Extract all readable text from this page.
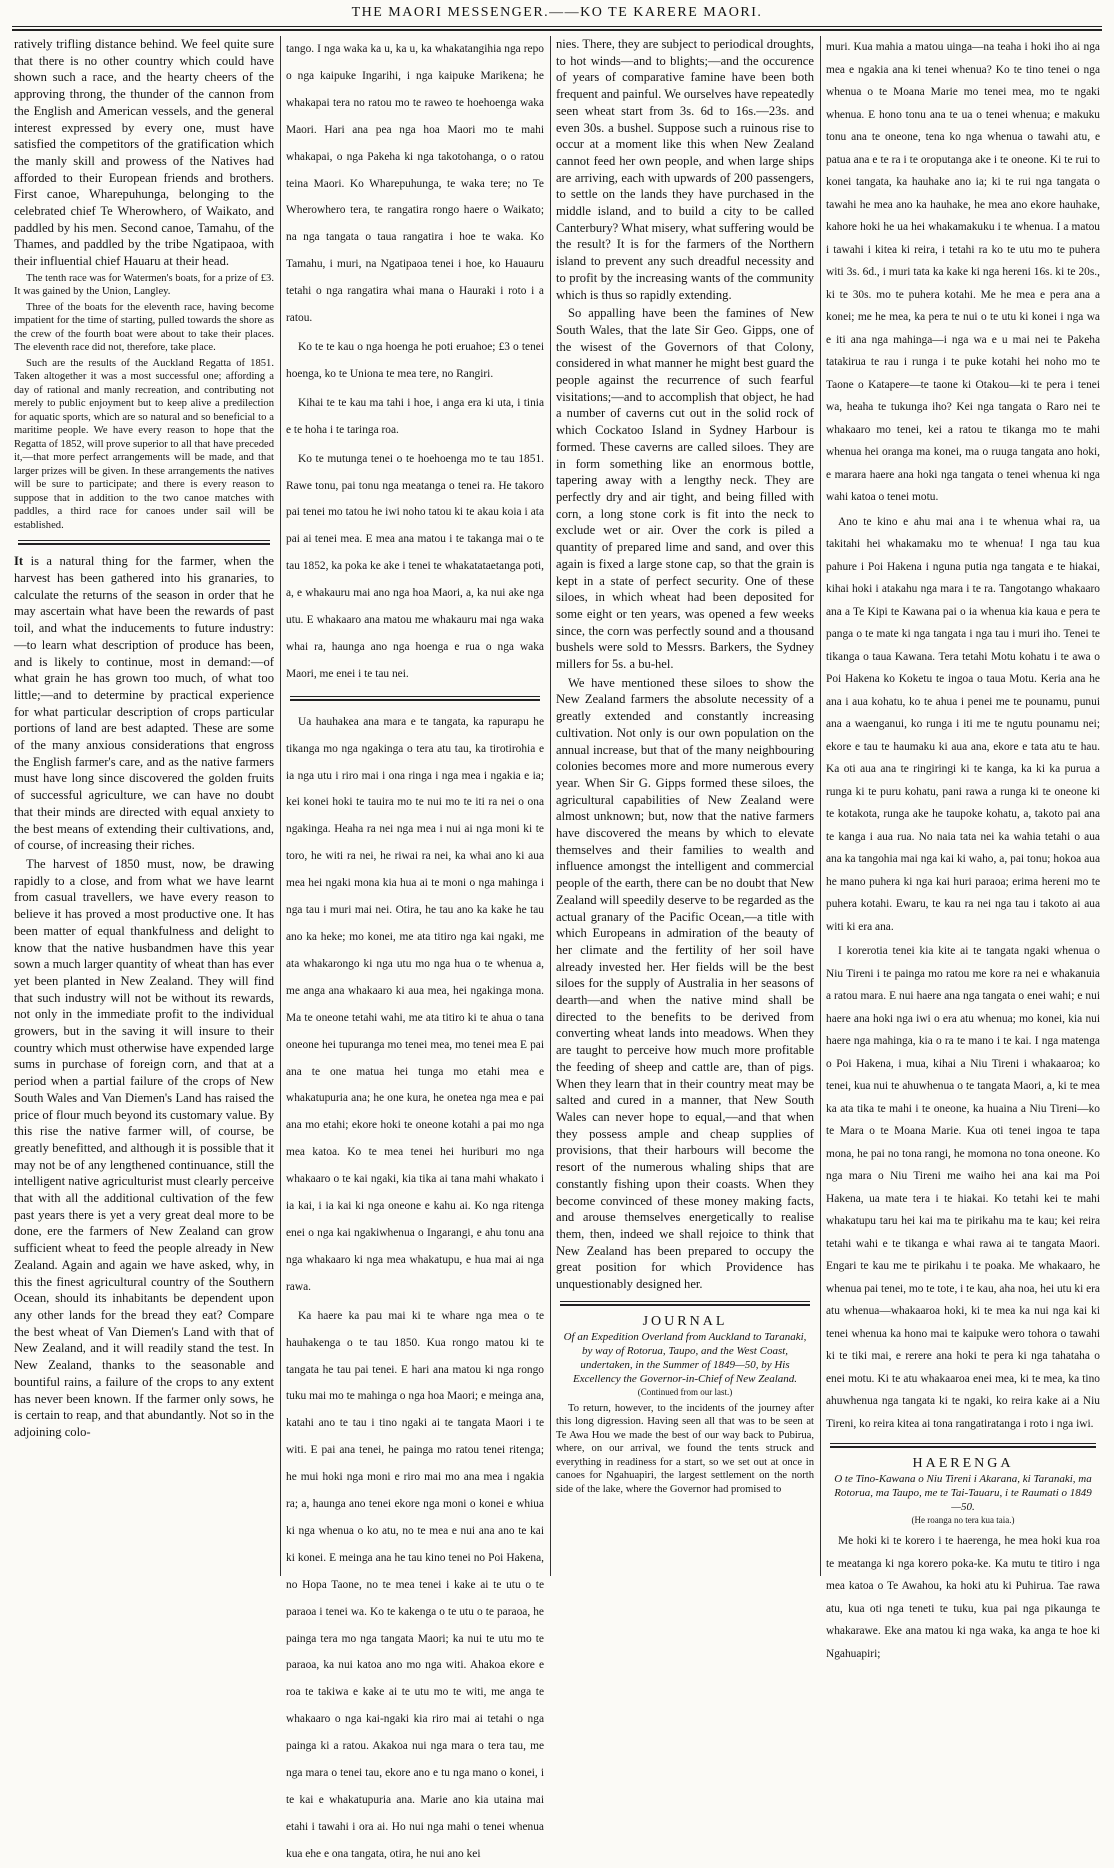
THE MAORI MESSENGER.——KO TE KARERE MAORI.

ratively trifling distance behind. We feel quite sure that there is no other country which could have shown such a race, and the hearty cheers of the approving throng, the thunder of the cannon from the English and American vessels, and the general interest expressed by every one, must have satisfied the competitors of the gratification which the manly skill and prowess of the Natives had afforded to their European friends and brothers. First canoe, Wharepuhunga, belonging to the celebrated chief Te Wherowhero, of Waikato, and paddled by his men. Second canoe, Tamahu, of the Thames, and paddled by the tribe Ngatipaoa, with their influential chief Hauaru at their head.

The tenth race was for Watermen's boats, for a prize of £3. It was gained by the Union, Langley.

Three of the boats for the eleventh race, having become impatient for the time of starting, pulled towards the shore as the crew of the fourth boat were about to take their places. The eleventh race did not, therefore, take place.

Such are the results of the Auckland Regatta of 1851. Taken altogether it was a most successful one; affording a day of rational and manly recreation, and contributing not merely to public enjoyment but to keep alive a predilection for aquatic sports, which are so natural and so beneficial to a maritime people. We have every reason to hope that the Regatta of 1852, will prove superior to all that have preceded it,—that more perfect arrangements will be made, and that larger prizes will be given. In these arrangements the natives will be sure to participate; and there is every reason to suppose that in addition to the two canoe matches with paddles, a third race for canoes under sail will be established.

It is a natural thing for the farmer, when the harvest has been gathered into his granaries, to calculate the returns of the season in order that he may ascertain what have been the rewards of past toil, and what the inducements to future industry:—to learn what description of produce has been, and is likely to continue, most in demand:—of what grain he has grown too much, of what too little;—and to determine by practical experience for what particular description of crops particular portions of land are best adapted. These are some of the many anxious considerations that engross the English farmer's care, and as the native farmers must have long since discovered the golden fruits of successful agriculture, we can have no doubt that their minds are directed with equal anxiety to the best means of extending their cultivations, and, of course, of increasing their riches.

The harvest of 1850 must, now, be drawing rapidly to a close, and from what we have learnt from casual travellers, we have every reason to believe it has proved a most productive one. It has been matter of equal thankfulness and delight to know that the native husbandmen have this year sown a much larger quantity of wheat than has ever yet been planted in New Zealand. They will find that such industry will not be without its rewards, not only in the immediate profit to the individual growers, but in the saving it will insure to their country which must otherwise have expended large sums in purchase of foreign corn, and that at a period when a partial failure of the crops of New South Wales and Van Diemen's Land has raised the price of flour much beyond its customary value. By this rise the native farmer will, of course, be greatly benefitted, and although it is possible that it may not be of any lengthened continuance, still the intelligent native agriculturist must clearly perceive that with all the additional cultivation of the few past years there is yet a very great deal more to be done, ere the farmers of New Zealand can grow sufficient wheat to feed the people already in New Zealand. Again and again we have asked, why, in this the finest agricultural country of the Southern Ocean, should its inhabitants be dependent upon any other lands for the bread they eat? Compare the best wheat of Van Diemen's Land with that of New Zealand, and it will readily stand the test. In New Zealand, thanks to the seasonable and bountiful rains, a failure of the crops to any extent has never been known. If the farmer only sows, he is certain to reap, and that abundantly. Not so in the adjoining colo-

tango. I nga waka ka u, ka u, ka whakatangihia nga repo o nga kaipuke Ingarihi, i nga kaipuke Marikena; he whakapai tera no ratou mo te raweo te hoehoenga waka Maori. Hari ana pea nga hoa Maori mo te mahi whakapai, o nga Pakeha ki nga takotohanga, o o ratou teina Maori. Ko Wharepuhunga, te waka tere; no Te Wherowhero tera, te rangatira rongo haere o Waikato; na nga tangata o taua rangatira i hoe te waka. Ko Tamahu, i muri, na Ngatipaoa tenei i hoe, ko Hauauru tetahi o nga rangatira whai mana o Hauraki i roto i a ratou.

Ko te te kau o nga hoenga he poti eruahoe; £3 o tenei hoenga, ko te Uniona te mea tere, no Rangiri.

Kihai te te kau ma tahi i hoe, i anga era ki uta, i tinia e te hoha i te taringa roa.

Ko te mutunga tenei o te hoehoenga mo te tau 1851. Rawe tonu, pai tonu nga meatanga o tenei ra. He takoro pai tenei mo tatou he iwi noho tatou ki te akau koia i ata pai ai tenei mea. E mea ana matou i te takanga mai o te tau 1852, ka poka ke ake i tenei te whakatataetanga poti, a, e whakauru mai ano nga hoa Maori, a, ka nui ake nga utu. E whakaaro ana matou me whakauru mai nga waka whai ra, haunga ano nga hoenga e rua o nga waka Maori, me enei i te tau nei.

Ua hauhakea ana mara e te tangata, ka rapurapu he tikanga mo nga ngakinga o tera atu tau, ka tirotirohia e ia nga utu i riro mai i ona ringa i nga mea i ngakia e ia; kei konei hoki te tauira mo te nui mo te iti ra nei o ona ngakinga. Heaha ra nei nga mea i nui ai nga moni ki te toro, he witi ra nei, he riwai ra nei, ka whai ano ki aua mea hei ngaki mona kia hua ai te moni o nga mahinga i nga tau i muri mai nei. Otira, he tau ano ka kake he tau ano ka heke; mo konei, me ata titiro nga kai ngaki, me ata whakarongo ki nga utu mo nga hua o te whenua a, me anga ana whakaaro ki aua mea, hei ngakinga mona. Ma te oneone tetahi wahi, me ata titiro ki te ahua o tana oneone hei tupuranga mo tenei mea, mo tenei mea E pai ana te one matua hei tunga mo etahi mea e whakatupuria ana; he one kura, he onetea nga mea e pai ana mo etahi; ekore hoki te oneone kotahi a pai mo nga mea katoa. Ko te mea tenei hei huriburi mo nga whakaaro o te kai ngaki, kia tika ai tana mahi whakato i ia kai, i ia kai ki nga oneone e kahu ai. Ko nga ritenga enei o nga kai ngakiwhenua o Ingarangi, e ahu tonu ana nga whakaaro ki nga mea whakatupu, e hua mai ai nga rawa.

Ka haere ka pau mai ki te whare nga mea o te hauhakenga o te tau 1850. Kua rongo matou ki te tangata he tau pai tenei. E hari ana matou ki nga rongo tuku mai mo te mahinga o nga hoa Maori; e meinga ana, katahi ano te tau i tino ngaki ai te tangata Maori i te witi. E pai ana tenei, he painga mo ratou tenei ritenga; he mui hoki nga moni e riro mai mo ana mea i ngakia ra; a, haunga ano tenei ekore nga moni o konei e whiua ki nga whenua o ko atu, no te mea e nui ana ano te kai ki konei. E meinga ana he tau kino tenei no Poi Hakena, no Hopa Taone, no te mea tenei i kake ai te utu o te paraoa i tenei wa. Ko te kakenga o te utu o te paraoa, he painga tera mo nga tangata Maori; ka nui te utu mo te paraoa, ka nui katoa ano mo nga witi. Ahakoa ekore e roa te takiwa e kake ai te utu mo te witi, me anga te whakaaro o nga kai-ngaki kia riro mai ai tetahi o nga painga ki a ratou. Akakoa nui nga mara o tera tau, me nga mara o tenei tau, ekore ano e tu nga mano o konei, i te kai e whakatupuria ana. Marie ano kia utaina mai etahi i tawahi i ora ai. Ho nui nga mahi o tenei whenua kua ehe e ona tangata, otira, he nui ano kei

nies. There, they are subject to periodical droughts, to hot winds—and to blights;—and the occurence of years of comparative famine have been both frequent and painful. We ourselves have repeatedly seen wheat start from 3s. 6d to 16s.—23s. and even 30s. a bushel. Suppose such a ruinous rise to occur at a moment like this when New Zealand cannot feed her own people, and when large ships are arriving, each with upwards of 200 passengers, to settle on the lands they have purchased in the middle island, and to build a city to be called Canterbury? What misery, what suffering would be the result? It is for the farmers of the Northern island to prevent any such dreadful necessity and to profit by the increasing wants of the community which is thus so rapidly extending.

So appalling have been the famines of New South Wales, that the late Sir Geo. Gipps, one of the wisest of the Governors of that Colony, considered in what manner he might best guard the people against the recurrence of such fearful visitations;—and to accomplish that object, he had a number of caverns cut out in the solid rock of which Cockatoo Island in Sydney Harbour is formed. These caverns are called siloes. They are in form something like an enormous bottle, tapering away with a lengthy neck. They are perfectly dry and air tight, and being filled with corn, a long stone cork is fit into the neck to exclude wet or air. Over the cork is piled a quantity of prepared lime and sand, and over this again is fixed a large stone cap, so that the grain is kept in a state of perfect security. One of these siloes, in which wheat had been deposited for some eight or ten years, was opened a few weeks since, the corn was perfectly sound and a thousand bushels were sold to Messrs. Barkers, the Sydney millers for 5s. a bu-hel.

We have mentioned these siloes to show the New Zealand farmers the absolute necessity of a greatly extended and constantly increasing cultivation. Not only is our own population on the annual increase, but that of the many neighbouring colonies becomes more and more numerous every year. When Sir G. Gipps formed these siloes, the agricultural capabilities of New Zealand were almost unknown; but, now that the native farmers have discovered the means by which to elevate themselves and their families to wealth and influence amongst the intelligent and commercial people of the earth, there can be no doubt that New Zealand will speedily deserve to be regarded as the actual granary of the Pacific Ocean,—a title with which Europeans in admiration of the beauty of her climate and the fertility of her soil have already invested her. Her fields will be the best siloes for the supply of Australia in her seasons of dearth—and when the native mind shall be directed to the benefits to be derived from converting wheat lands into meadows. When they are taught to perceive how much more profitable the feeding of sheep and cattle are, than of pigs. When they learn that in their country meat may be salted and cured in a manner, that New South Wales can never hope to equal,—and that when they possess ample and cheap supplies of provisions, that their harbours will become the resort of the numerous whaling ships that are constantly fishing upon their coasts. When they become convinced of these money making facts, and arouse themselves energetically to realise them, then, indeed we shall rejoice to think that New Zealand has been prepared to occupy the great position for which Providence has unquestionably designed her.

JOURNAL
Of an Expedition Overland from Auckland to Taranaki, by way of Rotorua, Taupo, and the West Coast, undertaken, in the Summer of 1849—50, by His Excellency the Governor-in-Chief of New Zealand.
(Continued from our last.)

To return, however, to the incidents of the journey after this long digression. Having seen all that was to be seen at Te Awa Hou we made the best of our way back to Pubirua, where, on our arrival, we found the tents struck and everything in readiness for a start, so we set out at once in canoes for Ngahuapiri, the largest settlement on the north side of the lake, where the Governor had promised to

muri. Kua mahia a matou uinga—na teaha i hoki iho ai nga mea e ngakia ana ki tenei whenua? Ko te tino tenei o nga whenua o te Moana Marie mo tenei mea, mo te ngaki whenua. E hono tonu ana te ua o tenei whenua; e makuku tonu ana te oneone, tena ko nga whenua o tawahi atu, e patua ana e te ra i te oroputanga ake i te oneone. Ki te rui to konei tangata, ka hauhake ano ia; ki te rui nga tangata o tawahi he mea ano ka hauhake, he mea ano ekore hauhake, kahore hoki he ua hei whakamakuku i te whenua. I a matou i tawahi i kitea ki reira, i tetahi ra ko te utu mo te puhera witi 3s. 6d., i muri tata ka kake ki nga hereni 16s. ki te 20s., ki te 30s. mo te puhera kotahi. Me he mea e pera ana a konei; me he mea, ka pera te nui o te utu ki konei i nga wa e iti ana nga mahinga—i nga wa e u mai nei te Pakeha tatakirua te rau i runga i te puke kotahi hei noho mo te Taone o Katapere—te taone ki Otakou—ki te pera i tenei wa, heaha te tukunga iho? Kei nga tangata o Raro nei te whakaaro mo tenei, kei a ratou te tikanga mo te mahi whenua hei oranga ma konei, ma o ruuga tangata ano hoki, e marara haere ana hoki nga tangata o tenei whenua ki nga wahi katoa o tenei motu.

Ano te kino e ahu mai ana i te whenua whai ra, ua takitahi hei whakamaku mo te whenua! I nga tau kua pahure i Poi Hakena i nguna putia nga tangata e te hiakai, kihai hoki i atakahu nga mara i te ra. Tangotango whakaaro ana a Te Kipi te Kawana pai o ia whenua kia kaua e pera te panga o te mate ki nga tangata i nga tau i muri iho. Tenei te tikanga o taua Kawana. Tera tetahi Motu kohatu i te awa o Poi Hakena ko Koketu te ingoa o taua Motu. Keria ana he ana i aua kohatu, ko te ahua i penei me te pounamu, punui ana a waenganui, ko runga i iti me te ngutu pounamu nei; ekore e tau te haumaku ki aua ana, ekore e tata atu te hau. Ka oti aua ana te ringiringi ki te kanga, ka ki ka purua a runga ki te puru kohatu, pani rawa a runga ki te oneone ki te kotakota, runga ake he taupoke kohatu, a, takoto pai ana te kanga i aua rua. No naia tata nei ka wahia tetahi o aua ana ka tangohia mai nga kai ki waho, a, pai tonu; hokoa aua he mano puhera ki nga kai huri paraoa; erima hereni mo te puhera kotahi. Ewaru, te kau ra nei nga tau i takoto ai aua witi ki era ana.

I korerotia tenei kia kite ai te tangata ngaki whenua o Niu Tireni i te painga mo ratou me kore ra nei e whakanuia a ratou mara. E nui haere ana nga tangata o enei wahi; e nui haere ana hoki nga iwi o era atu whenua; mo konei, kia nui haere nga mahinga, kia o ra te mano i te kai. I nga matenga o Poi Hakena, i mua, kihai a Niu Tireni i whakaaroa; ko tenei, kua nui te ahuwhenua o te tangata Maori, a, ki te mea ka ata tika te mahi i te oneone, ka huaina a Niu Tireni—ko te Mara o te Moana Marie. Kua oti tenei ingoa te tapa mona, he pai no tona rangi, he momona no tona oneone. Ko nga mara o Niu Tireni me waiho hei ana kai ma Poi Hakena, ua mate tera i te hiakai. Ko tetahi kei te mahi whakatupu taru hei kai ma te pirikahu ma te kau; kei reira tetahi wahi e te tikanga e whai rawa ai te tangata Maori. Engari te kau me te pirikahu i te poaka. Me whakaaro, he whenua pai tenei, mo te tote, i te kau, aha noa, hei utu ki era atu whenua—whakaaroa hoki, ki te mea ka nui nga kai ki tenei whenua ka hono mai te kaipuke wero tohora o tawahi ki te tiki mai, e rerere ana hoki te pera ki nga tahataha o enei motu. Ki te atu whakaaroa enei mea, ki te mea, ka tino ahuwhenua nga tangata ki te ngaki, ko reira kake ai a Niu Tireni, ko reira kitea ai tona rangatiratanga i roto i nga iwi.

HAERENGA
O te Tino-Kawana o Niu Tireni i Akarana, ki Taranaki, ma Rotorua, ma Taupo, me te Tai-Tauaru, i te Raumati o 1849—50.
(He roanga no tera kua taia.)

Me hoki ki te korero i te haerenga, he mea hoki kua roa te meatanga ki nga korero poka-ke. Ka mutu te titiro i nga mea katoa o Te Awahou, ka hoki atu ki Puhirua. Tae rawa atu, kua oti nga teneti te tuku, kua pai nga pikaunga te whakarawe. Eke ana matou ki nga waka, ka anga te hoe ki Ngahuapiri;
